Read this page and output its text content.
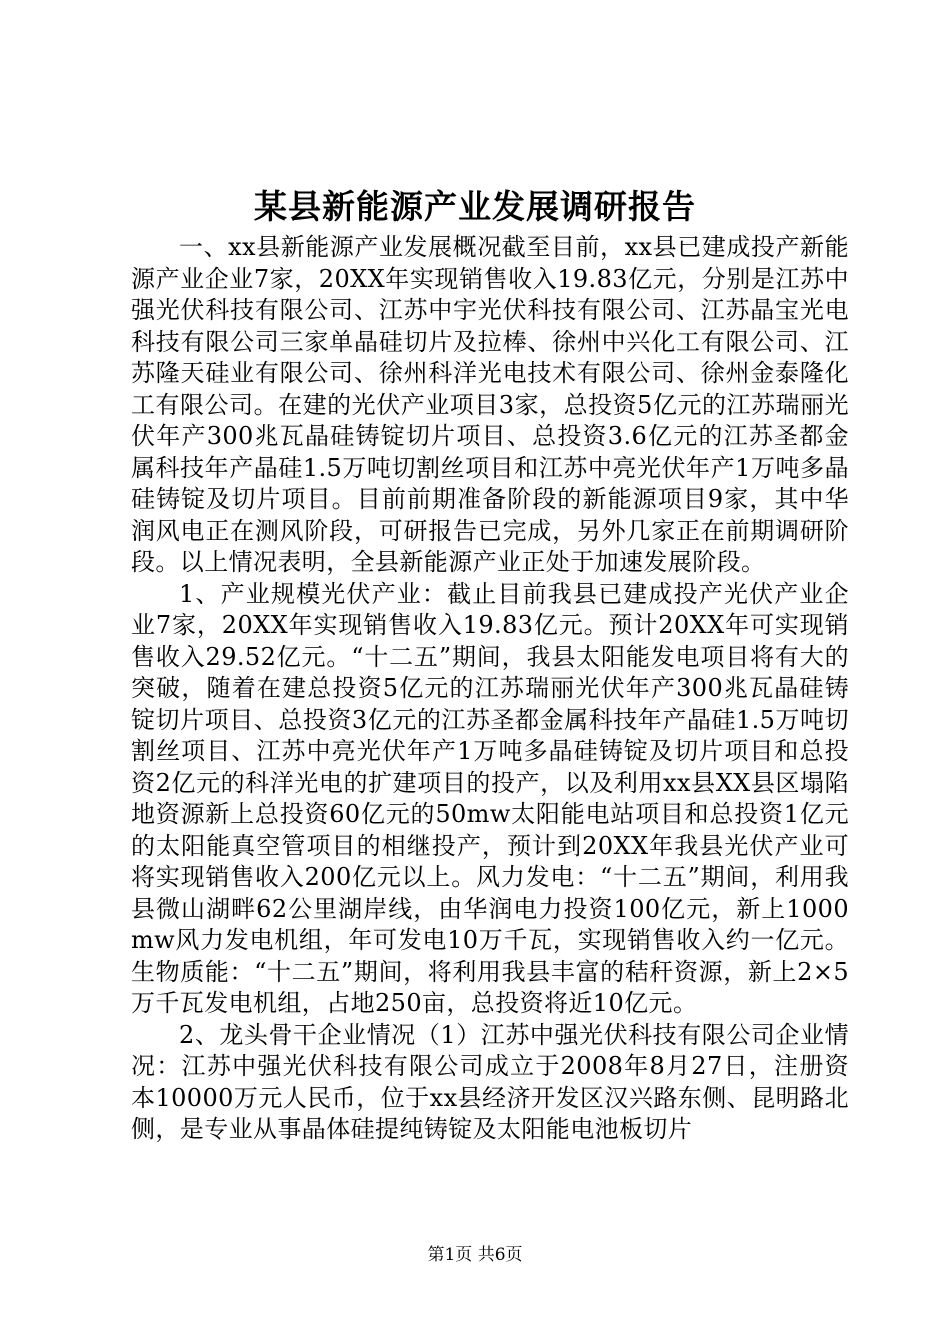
某县新能源产业发展调研报告

一、xx县新能源产业发展概况截至目前，xx县已建成投产新能源产业企业7家，20XX年实现销售收入19.83亿元，分别是江苏中强光伏科技有限公司、江苏中宇光伏科技有限公司、江苏晶宝光电科技有限公司三家单晶硅切片及拉棒、徐州中兴化工有限公司、江苏隆天硅业有限公司、徐州科洋光电技术有限公司、徐州金泰隆化工有限公司。在建的光伏产业项目3家，总投资5亿元的江苏瑞丽光伏年产300兆瓦晶硅铸锭切片项目、总投资3.6亿元的江苏圣都金属科技年产晶硅1.5万吨切割丝项目和江苏中亮光伏年产1万吨多晶硅铸锭及切片项目。目前前期准备阶段的新能源项目9家，其中华润风电正在测风阶段，可研报告已完成，另外几家正在前期调研阶段。以上情况表明，全县新能源产业正处于加速发展阶段。

1、产业规模光伏产业：截止目前我县已建成投产光伏产业企业7家，20XX年实现销售收入19.83亿元。预计20XX年可实现销售收入29.52亿元。“十二五”期间，我县太阳能发电项目将有大的突破，随着在建总投资5亿元的江苏瑞丽光伏年产300兆瓦晶硅铸锭切片项目、总投资3亿元的江苏圣都金属科技年产晶硅1.5万吨切割丝项目、江苏中亮光伏年产1万吨多晶硅铸锭及切片项目和总投资2亿元的科洋光电的扩建项目的投产，以及利用xx县XX县区塌陷地资源新上总投资60亿元的50mw太阳能电站项目和总投资1亿元的太阳能真空管项目的相继投产，预计到20XX年我县光伏产业可将实现销售收入200亿元以上。风力发电：“十二五”期间，利用我县微山湖畔62公里湖岸线，由华润电力投资100亿元，新上1000mw风力发电机组，年可发电10万千瓦，实现销售收入约一亿元。生物质能：“十二五”期间，将利用我县丰富的秸秆资源，新上2×5万千瓦发电机组，占地250亩，总投资将近10亿元。

2、龙头骨干企业情况（1）江苏中强光伏科技有限公司企业情况：江苏中强光伏科技有限公司成立于2008年8月27日，注册资本10000万元人民币，位于xx县经济开发区汉兴路东侧、昆明路北侧，是专业从事晶体硅提纯铸锭及太阳能电池板切片

第1页 共6页
